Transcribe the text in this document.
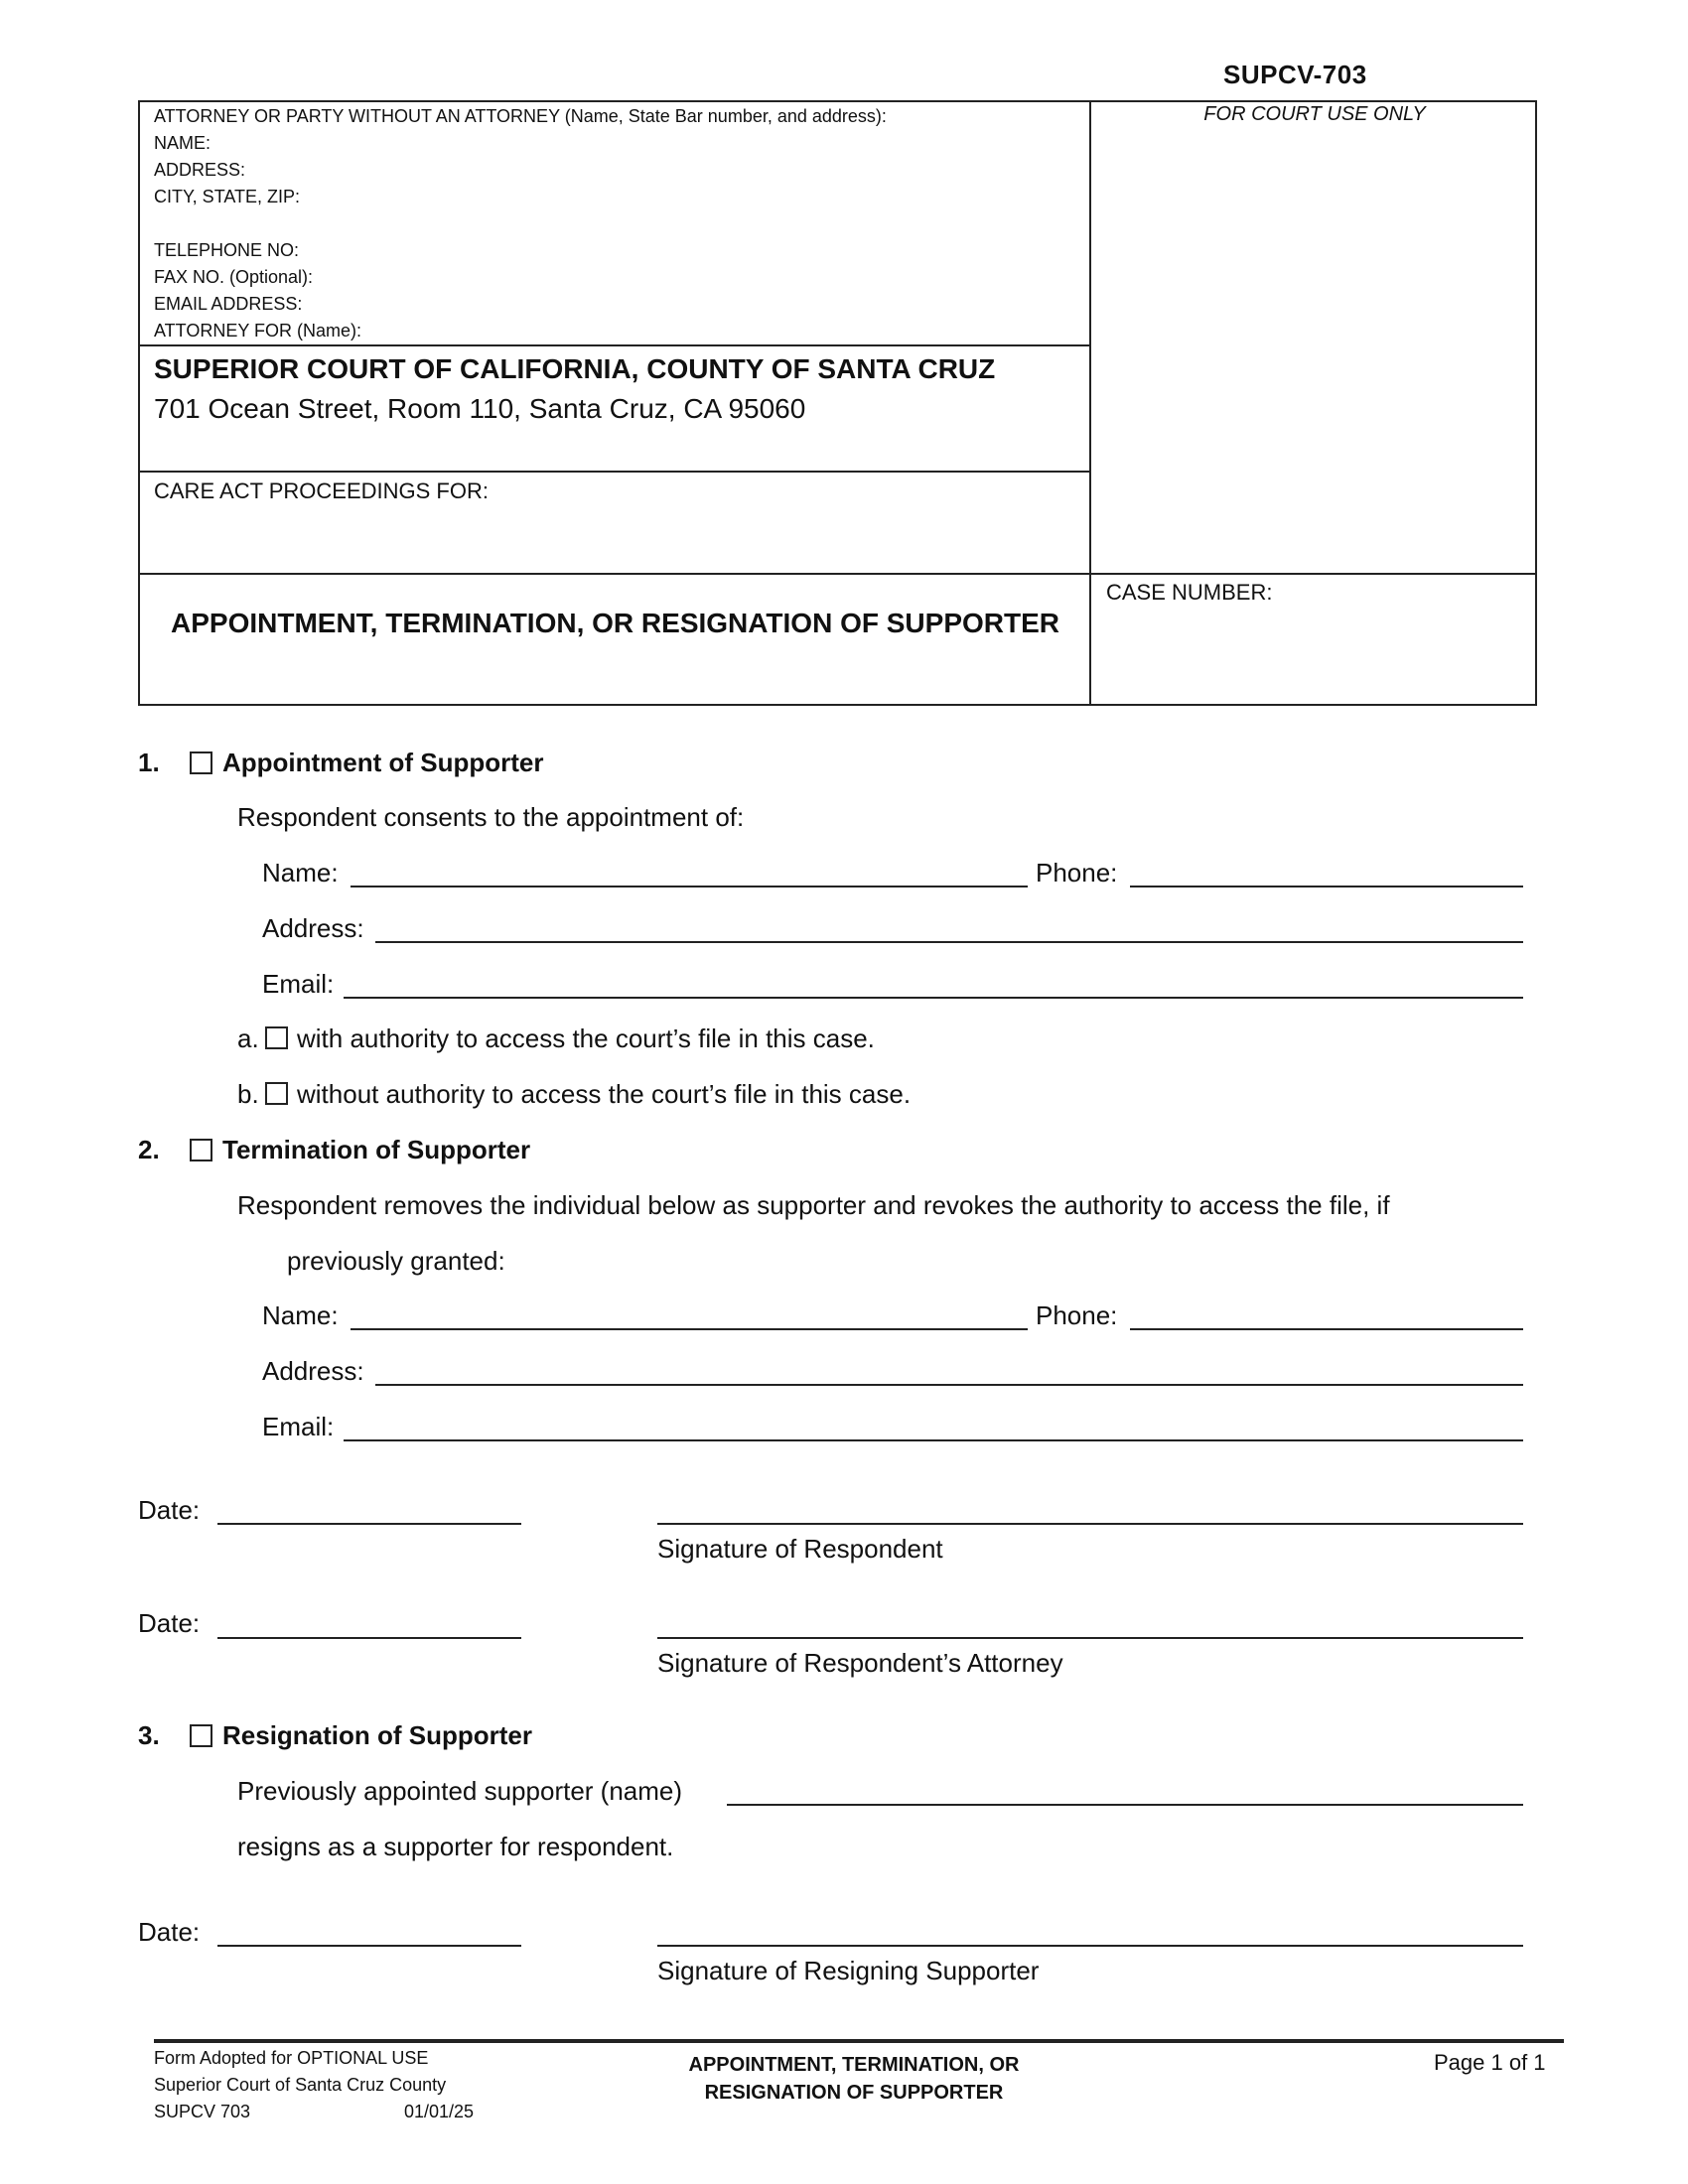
SUPCV-703
ATTORNEY OR PARTY WITHOUT AN ATTORNEY (Name, State Bar number, and address):
NAME:
ADDRESS:
CITY, STATE, ZIP:
TELEPHONE NO:
FAX NO. (Optional):
EMAIL ADDRESS:
ATTORNEY FOR (Name):
FOR COURT USE ONLY
SUPERIOR COURT OF CALIFORNIA, COUNTY OF SANTA CRUZ
701 Ocean Street, Room 110, Santa Cruz, CA 95060
CARE ACT PROCEEDINGS FOR:
APPOINTMENT, TERMINATION, OR RESIGNATION OF SUPPORTER
CASE NUMBER:
1. Appointment of Supporter
Respondent consents to the appointment of:
Name:	Phone:
Address:
Email:
a. with authority to access the court’s file in this case.
b. without authority to access the court’s file in this case.
2. Termination of Supporter
Respondent removes the individual below as supporter and revokes the authority to access the file, if
previously granted:
Name:	Phone:
Address:
Email:
Date:
Signature of Respondent
Date:
Signature of Respondent’s Attorney
3. Resignation of Supporter
Previously appointed supporter (name)
resigns as a supporter for respondent.
Date:
Signature of Resigning Supporter
Form Adopted for OPTIONAL USE
Superior Court of Santa Cruz County
SUPCV 703	01/01/25
APPOINTMENT, TERMINATION, OR
RESIGNATION OF SUPPORTER
Page 1 of 1
